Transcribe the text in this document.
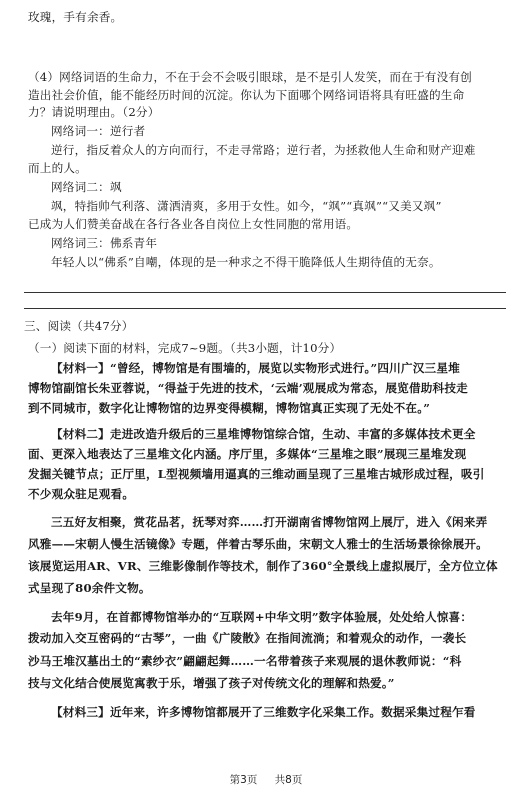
玫瑰，手有余香。

（4）网络词语的生命力，不在于会不会吸引眼球，是不是引人发笑，而在于有没有创

造出社会价值，能不能经历时间的沉淀。你认为下面哪个网络词语将具有旺盛的生命

力？请说明理由。（2分）

网络词一：逆行者

逆行，指反着众人的方向而行，不走寻常路；逆行者，为拯救他人生命和财产迎难

而上的人。

网络词二：飒

飒，特指帅气利落、潇洒清爽，多用于女性。如今，“飒”“真飒”“又美又飒”

已成为人们赞美奋战在各行各业各自岗位上女性同胞的常用语。

网络词三：佛系青年

年轻人以“佛系”自嘲，体现的是一种求之不得干脆降低人生期待值的无奈。

三、阅读（共47分）

（一）阅读下面的材料，完成7~9题。（共3小题，计10分）

【材料一】“曾经，博物馆是有围墙的，展览以实物形式进行。”四川广汉三星堆

博物馆副馆长朱亚蓉说，“得益于先进的技术，‘云端’观展成为常态，展览借助科技走

到不同城市，数字化让博物馆的边界变得模糊，博物馆真正实现了无处不在。”

【材料二】走进改造升级后的三星堆博物馆综合馆，生动、丰富的多媒体技术更全

面、更深入地表达了三星堆文化内涵。序厅里，多媒体“三星堆之眼”展现三星堆发现

发掘关键节点；正厅里，L型视频墙用逼真的三维动画呈现了三星堆古城形成过程，吸引

不少观众驻足观看。

三五好友相聚，赏花品茗，抚琴对弈……打开湖南省博物馆网上展厅，进入《闲来弄

风雅——宋朝人慢生活镜像》专题，伴着古琴乐曲，宋朝文人雅士的生活场景徐徐展开。

该展览运用AR、VR、三维影像制作等技术，制作了360°全景线上虚拟展厅，全方位立体

式呈现了80余件文物。

去年9月，在首都博物馆举办的“互联网+中华文明”数字体验展，处处给人惊喜：

拨动加入交互密码的“古琴”，一曲《广陵散》在指间流淌；和着观众的动作，一袭长

沙马王堆汉墓出土的“素纱衣”翩翩起舞……一名带着孩子来观展的退休教师说：“科

技与文化结合使展览寓教于乐，增强了孩子对传统文化的理解和热爱。”

【材料三】近年来，许多博物馆都展开了三维数字化采集工作。数据采集过程乍看

第3页 共8页
